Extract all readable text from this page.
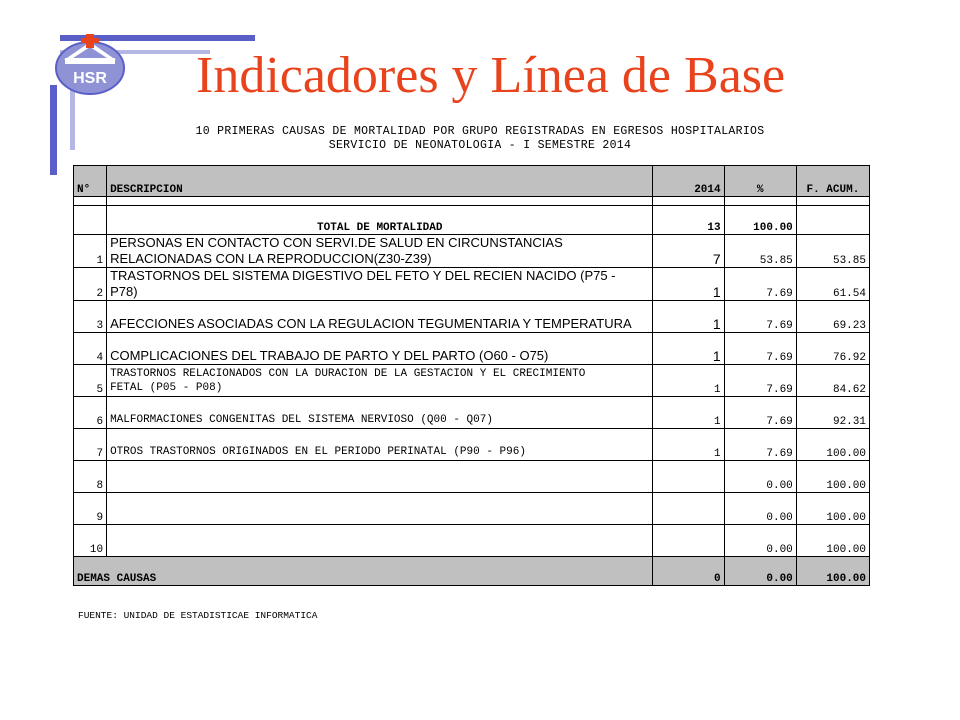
HSR Indicadores y Línea de Base
10 PRIMERAS CAUSAS DE MORTALIDAD POR GRUPO REGISTRADAS EN EGRESOS HOSPITALARIOS
SERVICIO DE NEONATOLOGIA - I SEMESTRE 2014
N°	DESCRIPCION	2014	%	F. ACUM.

	TOTAL DE MORTALIDAD	13	100.00	
1	PERSONAS EN CONTACTO CON SERVI.DE SALUD EN CIRCUNSTANCIAS
RELACIONADAS CON LA REPRODUCCION(Z30-Z39)	7	53.85	53.85
2	TRASTORNOS DEL SISTEMA DIGESTIVO DEL FETO Y DEL RECIEN NACIDO (P75 -
P78)	1	7.69	61.54
3	AFECCIONES ASOCIADAS CON LA REGULACION TEGUMENTARIA Y TEMPERATURA	1	7.69	69.23
4	COMPLICACIONES DEL TRABAJO DE PARTO Y DEL PARTO (O60 - O75)	1	7.69	76.92
5	TRASTORNOS RELACIONADOS CON LA DURACION DE LA GESTACION Y EL CRECIMIENTO
FETAL (P05 - P08)	1	7.69	84.62
6	MALFORMACIONES CONGENITAS DEL SISTEMA NERVIOSO (Q00 - Q07)	1	7.69	92.31
7	OTROS TRASTORNOS ORIGINADOS EN EL PERIODO PERINATAL (P90 - P96)	1	7.69	100.00
8			0.00	100.00
9			0.00	100.00
10			0.00	100.00
DEMAS CAUSAS		0	0.00	100.00
FUENTE: UNIDAD DE ESTADISTICAE INFORMATICA
